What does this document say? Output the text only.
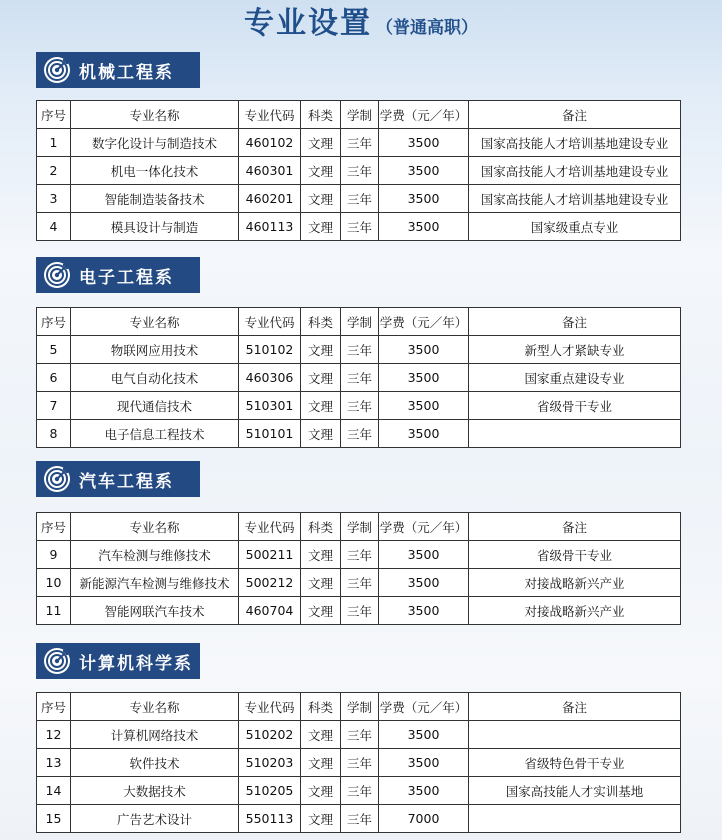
专业设置 （普通高职）
机械工程系
序号	专业名称	专业代码	科类	学制	学费（元／年）	备注
1	数字化设计与制造技术	460102	文理	三年	3500	国家高技能人才培训基地建设专业
2	机电一体化技术	460301	文理	三年	3500	国家高技能人才培训基地建设专业
3	智能制造装备技术	460201	文理	三年	3500	国家高技能人才培训基地建设专业
4	模具设计与制造	460113	文理	三年	3500	国家级重点专业
电子工程系
序号	专业名称	专业代码	科类	学制	学费（元／年）	备注
5	物联网应用技术	510102	文理	三年	3500	新型人才紧缺专业
6	电气自动化技术	460306	文理	三年	3500	国家重点建设专业
7	现代通信技术	510301	文理	三年	3500	省级骨干专业
8	电子信息工程技术	510101	文理	三年	3500	
汽车工程系
序号	专业名称	专业代码	科类	学制	学费（元／年）	备注
9	汽车检测与维修技术	500211	文理	三年	3500	省级骨干专业
10	新能源汽车检测与维修技术	500212	文理	三年	3500	对接战略新兴产业
11	智能网联汽车技术	460704	文理	三年	3500	对接战略新兴产业
计算机科学系
序号	专业名称	专业代码	科类	学制	学费（元／年）	备注
12	计算机网络技术	510202	文理	三年	3500	
13	软件技术	510203	文理	三年	3500	省级特色骨干专业
14	大数据技术	510205	文理	三年	3500	国家高技能人才实训基地
15	广告艺术设计	550113	文理	三年	7000	
